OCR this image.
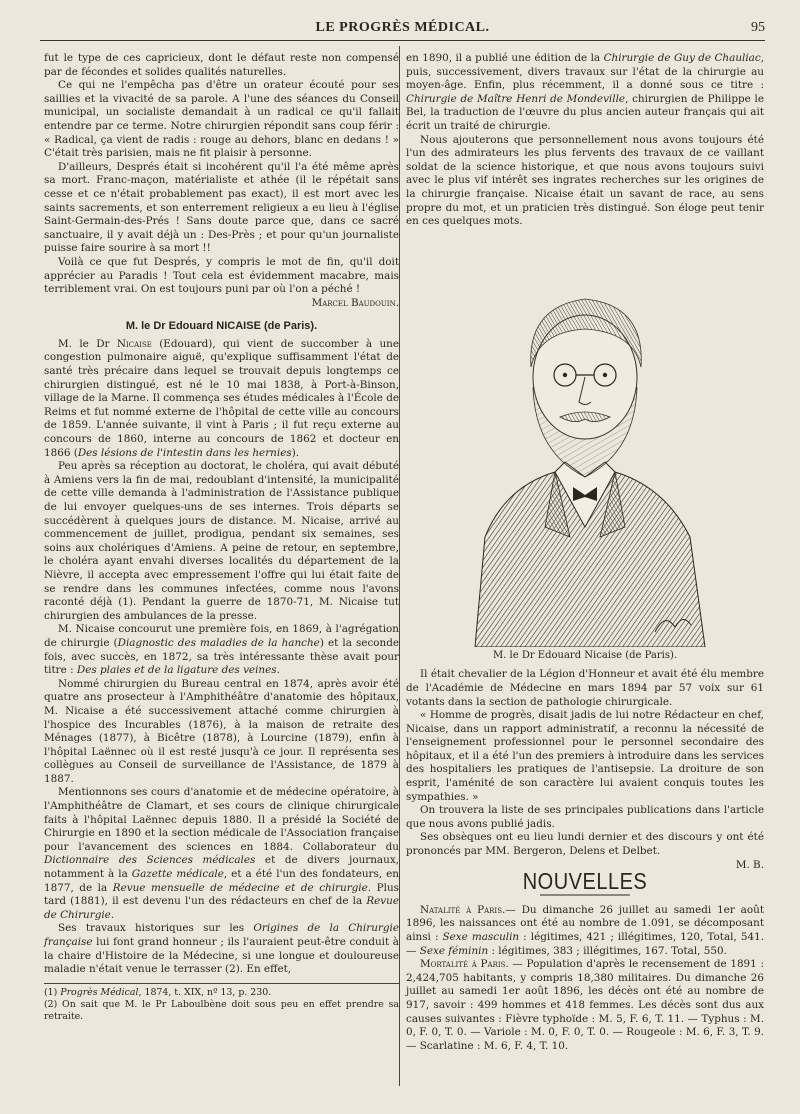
LE PROGRÈS MÉDICAL.	95

fut le type de ces capricieux, dont le défaut reste non compensé par de fécondes et solides qualités naturelles.

Ce qui ne l'empêcha pas d'être un orateur écouté pour ses saillies et la vivacité de sa parole. A l'une des séances du Conseil municipal, un socialiste demandait à un radical ce qu'il fallait entendre par ce terme. Notre chirurgien répondit sans coup férir : « Radical, ça vient de radis : rouge au dehors, blanc en dedans ! » C'était très parisien, mais ne fit plaisir à personne.

D'ailleurs, Després était si incohérent qu'il l'a été même après sa mort. Franc-maçon, matérialiste et athée (il le répétait sans cesse et ce n'était probablement pas exact), il est mort avec les saints sacrements, et son enterrement religieux a eu lieu à l'église Saint-Germain-des-Prés ! Sans doute parce que, dans ce sacré sanctuaire, il y avait déjà un : Des-Près ; et pour qu'un journaliste puisse faire sourire à sa mort !!

Voilà ce que fut Després, y compris le mot de fin, qu'il doit apprécier au Paradis ! Tout cela est évidemment macabre, mais terriblement vrai. On est toujours puni par où l'on a péché !

Marcel Baudouin.

M. le Dr Edouard NICAISE (de Paris).

M. le Dr Nicaise (Edouard), qui vient de succomber à une congestion pulmonaire aiguë, qu'explique suffisamment l'état de santé très précaire dans lequel se trouvait depuis longtemps ce chirurgien distingué, est né le 10 mai 1838, à Port-à-Binson, village de la Marne. Il commença ses études médicales à l'École de Reims et fut nommé externe de l'hôpital de cette ville au concours de 1859. L'année suivante, il vint à Paris ; il fut reçu externe au concours de 1860, interne au concours de 1862 et docteur en 1866 (Des lésions de l'intestin dans les hernies).

Peu après sa réception au doctorat, le choléra, qui avait débuté à Amiens vers la fin de mai, redoublant d'intensité, la municipalité de cette ville demanda à l'administration de l'Assistance publique de lui envoyer quelques-uns de ses internes. Trois départs se succédèrent à quelques jours de distance. M. Nicaise, arrivé au commencement de juillet, prodigua, pendant six semaines, ses soins aux cholériques d'Amiens. A peine de retour, en septembre, le choléra ayant envahi diverses localités du département de la Nièvre, il accepta avec empressement l'offre qui lui était faite de se rendre dans les communes infectées, comme nous l'avons raconté déjà (1). Pendant la guerre de 1870-71, M. Nicaise tut chirurgien des ambulances de la presse.

M. Nicaise concourut une première fois, en 1869, à l'agrégation de chirurgie (Diagnostic des maladies de la hanche) et la seconde fois, avec succès, en 1872, sa très intéressante thèse avait pour titre : Des plaies et de la ligature des veines.

Nommé chirurgien du Bureau central en 1874, après avoir été quatre ans prosecteur à l'Amphithéâtre d'anatomie des hôpitaux, M. Nicaise a été successivement attaché comme chirurgien à l'hospice des Incurables (1876), à la maison de retraite des Ménages (1877), à Bicêtre (1878), à Lourcine (1879), enfin à l'hôpital Laënnec où il est resté jusqu'à ce jour. Il représenta ses collègues au Conseil de surveillance de l'Assistance, de 1879 à 1887.

Mentionnons ses cours d'anatomie et de médecine opératoire, à l'Amphithéâtre de Clamart, et ses cours de clinique chirurgicale faits à l'hôpital Laënnec depuis 1880. Il a présidé la Société de Chirurgie en 1890 et la section médicale de l'Association française pour l'avancement des sciences en 1884. Collaborateur du Dictionnaire des Sciences médicales et de divers journaux, notamment à la Gazette médicale, et a été l'un des fondateurs, en 1877, de la Revue mensuelle de médecine et de chirurgie. Plus tard (1881), il est devenu l'un des rédacteurs en chef de la Revue de Chirurgie.

Ses travaux historiques sur les Origines de la Chirurgie française lui font grand honneur ; ils l'auraient peut-être conduit à la chaire d'Histoire de la Médecine, si une longue et douloureuse maladie n'était venue le terrasser (2). En effet,

(1) Progrès Médical, 1874, t. XIX, nº 13, p. 230.

(2) On sait que M. le Pr Laboulbène doit sous peu en effet prendre sa retraite.

en 1890, il a publié une édition de la Chirurgie de Guy de Chauliac, puis, successivement, divers travaux sur l'état de la chirurgie au moyen-âge. Enfin, plus récemment, il a donné sous ce titre : Chirurgie de Maître Henri de Mondeville, chirurgien de Philippe le Bel, la traduction de l'œuvre du plus ancien auteur français qui ait écrit un traité de chirurgie.

Nous ajouterons que personnellement nous avons toujours été l'un des admirateurs les plus fervents des travaux de ce vaillant soldat de la science historique, et que nous avons toujours suivi avec le plus vif intérêt ses ingrates recherches sur les origines de la chirurgie française. Nicaise était un savant de race, au sens propre du mot, et un praticien très distingué. Son éloge peut tenir en ces quelques mots.

M. le Dr Edouard Nicaise (de Paris).

Il était chevalier de la Légion d'Honneur et avait été élu membre de l'Académie de Médecine en mars 1894 par 57 voix sur 61 votants dans la section de pathologie chirurgicale.

« Homme de progrès, disait jadis de lui notre Rédacteur en chef, Nicaise, dans un rapport administratif, a reconnu la nécessité de l'enseignement professionnel pour le personnel secondaire des hôpitaux, et il a été l'un des premiers à introduire dans les services des hospitaliers les pratiques de l'antisepsie. La droiture de son esprit, l'aménité de son caractère lui avaient conquis toutes les sympathies. »

On trouvera la liste de ses principales publications dans l'article que nous avons publié jadis.

Ses obsèques ont eu lieu lundi dernier et des discours y ont été prononcés par MM. Bergeron, Delens et Delbet.

M. B.

NOUVELLES

Natalité à Paris.— Du dimanche 26 juillet au samedi 1er août 1896, les naissances ont été au nombre de 1.091, se décomposant ainsi : Sexe masculin : légitimes, 421 ; illégitimes, 120, Total, 541. — Sexe féminin : légitimes, 383 ; illégitimes, 167. Total, 550.

Mortalité à Paris. — Population d'après le recensement de 1891 : 2,424,705 habitants, y compris 18,380 militaires. Du dimanche 26 juillet au samedi 1er août 1896, les décès ont été au nombre de 917, savoir : 499 hommes et 418 femmes. Les décès sont dus aux causes suivantes : Fièvre typhoïde : M. 5, F. 6, T. 11. — Typhus : M. 0, F. 0, T. 0. — Variole : M. 0, F. 0, T. 0. — Rougeole : M. 6, F. 3, T. 9. — Scarlatine : M. 6, F. 4, T. 10.
